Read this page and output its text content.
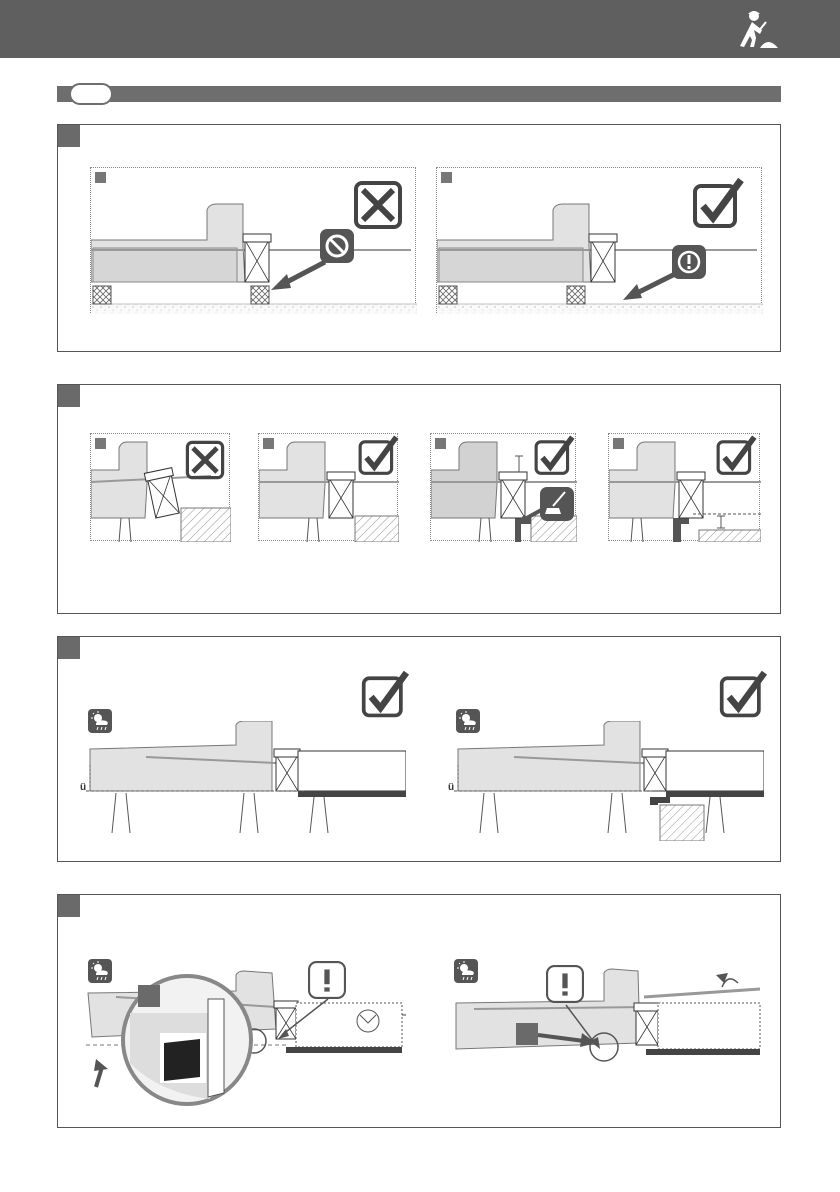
ü	ü
